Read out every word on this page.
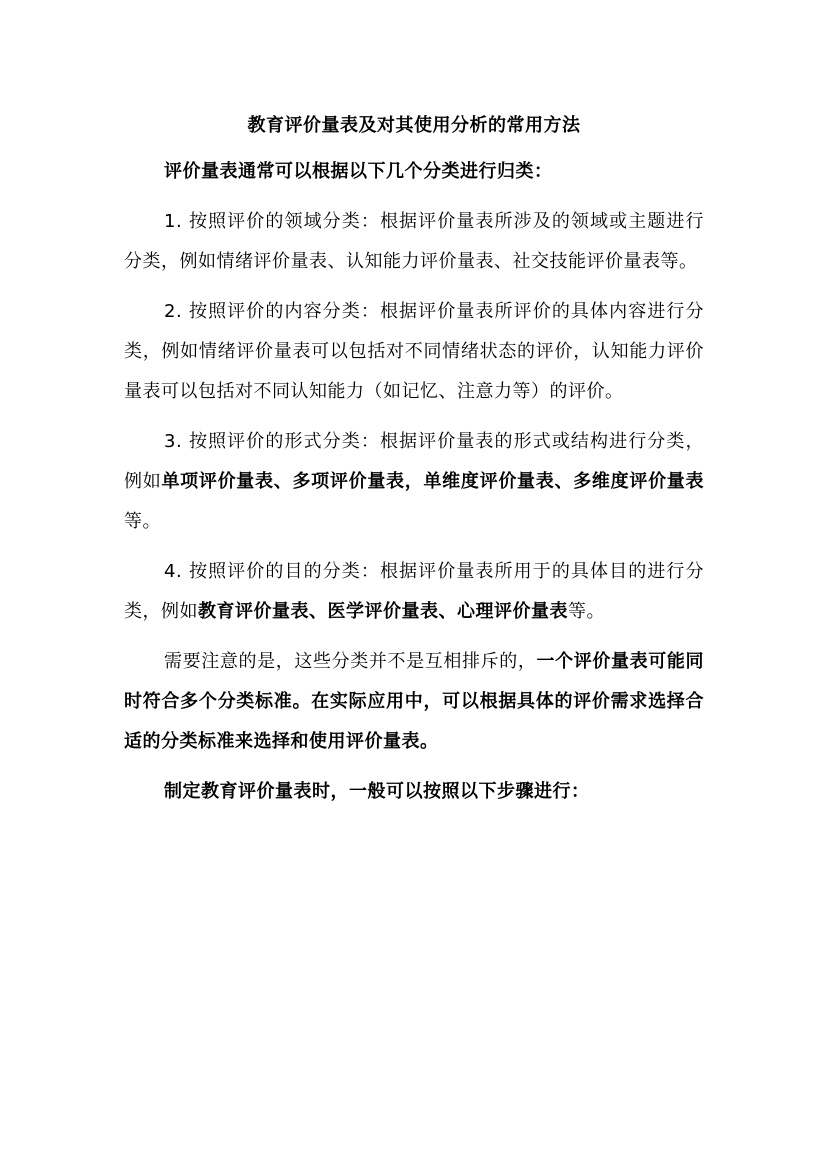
教育评价量表及对其使用分析的常用方法

评价量表通常可以根据以下几个分类进行归类：

1. 按照评价的领域分类：根据评价量表所涉及的领域或主题进行分类，例如情绪评价量表、认知能力评价量表、社交技能评价量表等。

2. 按照评价的内容分类：根据评价量表所评价的具体内容进行分类，例如情绪评价量表可以包括对不同情绪状态的评价，认知能力评价量表可以包括对不同认知能力（如记忆、注意力等）的评价。

3. 按照评价的形式分类：根据评价量表的形式或结构进行分类，例如单项评价量表、多项评价量表，单维度评价量表、多维度评价量表等。

4. 按照评价的目的分类：根据评价量表所用于的具体目的进行分类，例如教育评价量表、医学评价量表、心理评价量表等。

需要注意的是，这些分类并不是互相排斥的，一个评价量表可能同时符合多个分类标准。在实际应用中，可以根据具体的评价需求选择合适的分类标准来选择和使用评价量表。

制定教育评价量表时，一般可以按照以下步骤进行：
